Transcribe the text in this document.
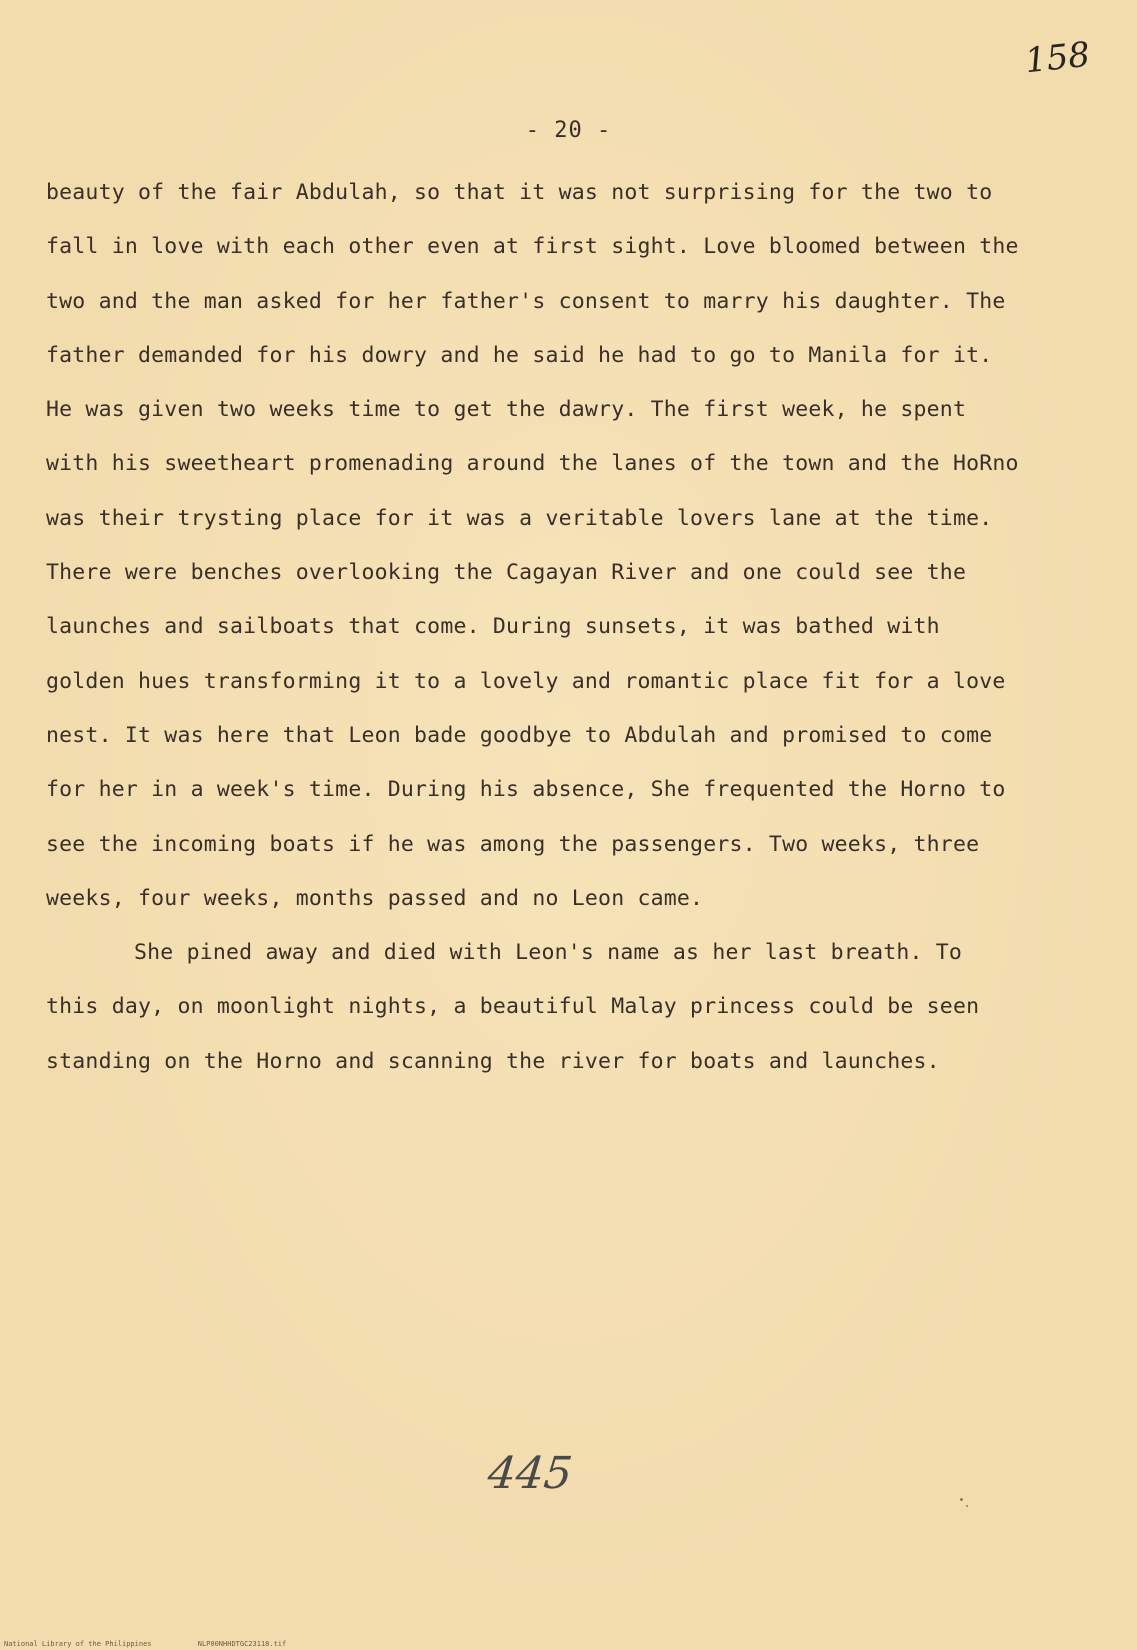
158
- 20 -
beauty of the fair Abdulah, so that it was not surprising for the two to
fall in love with each other even at first sight. Love bloomed between the
two and the man asked for her father's consent to marry his daughter. The
father demanded for his dowry and he said he had to go to Manila for it.
He was given two weeks time to get the dawry. The first week, he spent
with his sweetheart promenading around the lanes of the town and the HoRno
was their trysting place for it was a veritable lovers lane at the time.
There were benches overlooking the Cagayan River and one could see the
launches and sailboats that come. During sunsets, it was bathed with
golden hues transforming it to a lovely and romantic place fit for a love
nest. It was here that Leon bade goodbye to Abdulah and promised to come
for her in a week's time. During his absence, She frequented the Horno to
see the incoming boats if he was among the passengers. Two weeks, three
weeks, four weeks, months passed and no Leon came.
She pined away and died with Leon's name as her last breath. To
this day, on moonlight nights, a beautiful Malay princess could be seen
standing on the Horno and scanning the river for boats and launches.
445
National Library of the Philippines	NLP00NHHDTGC23118.tif
